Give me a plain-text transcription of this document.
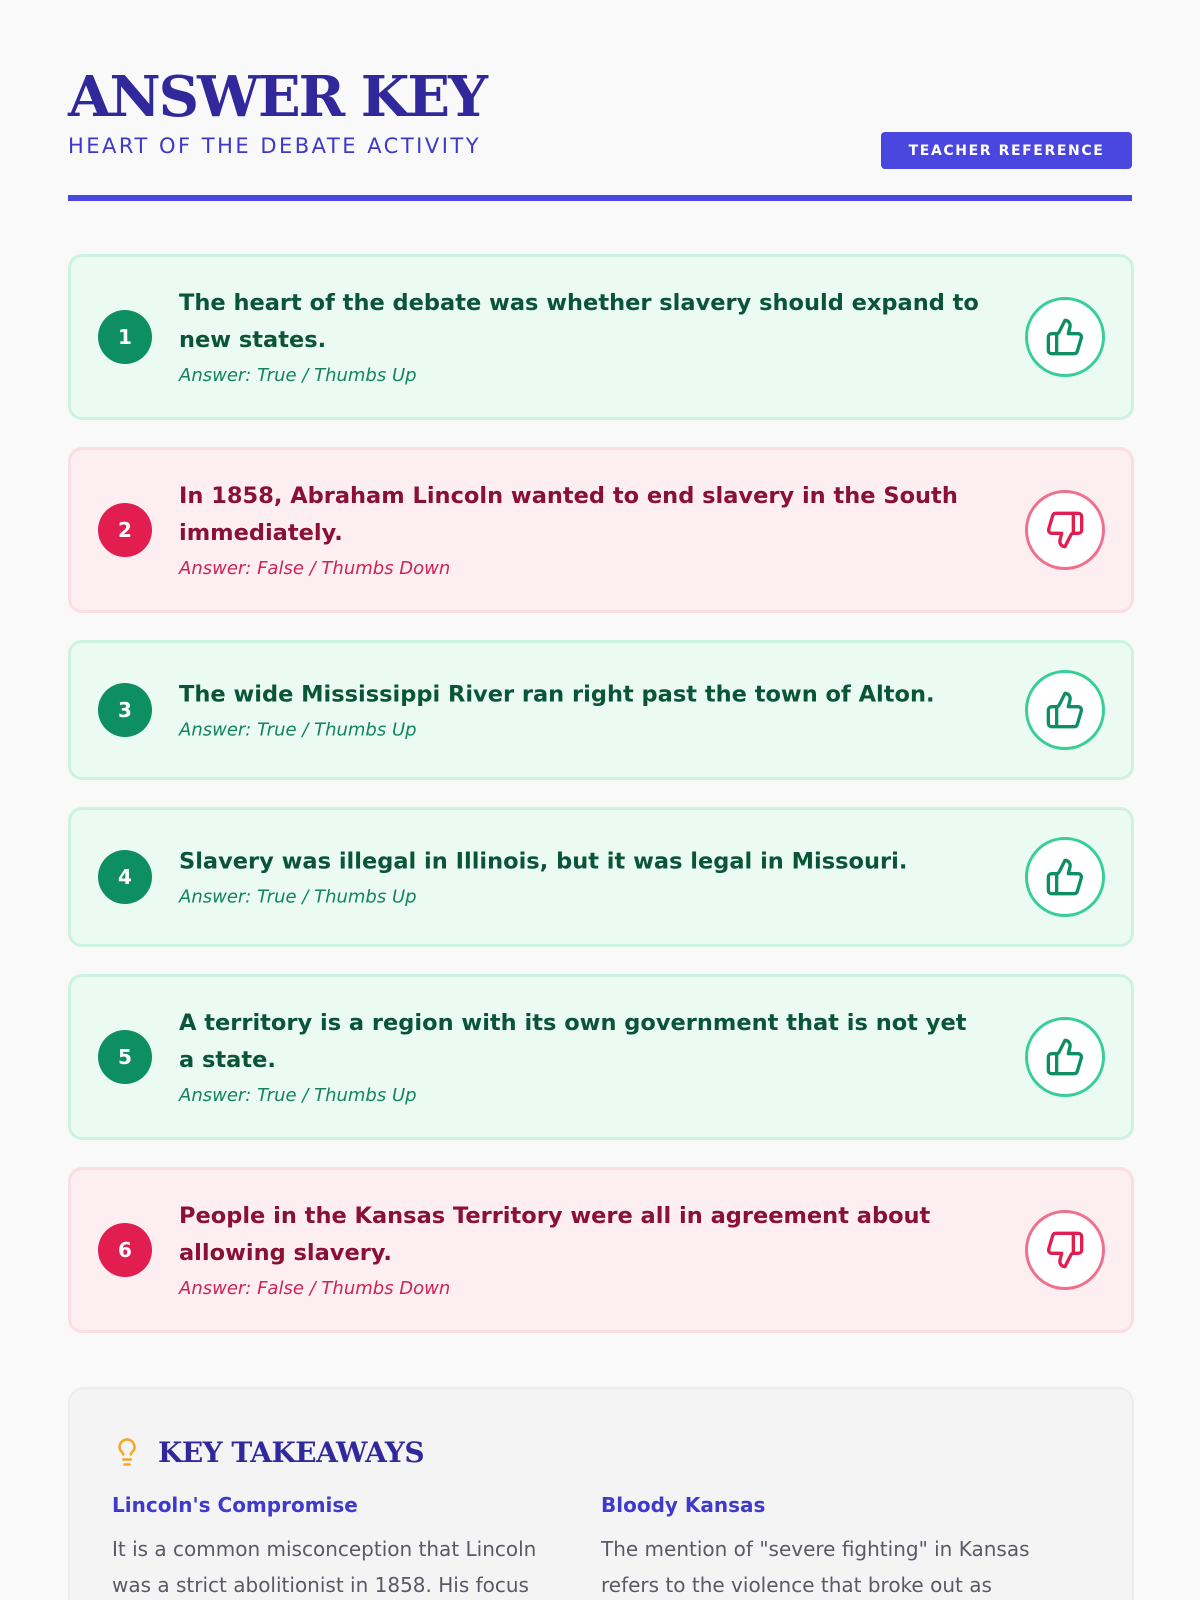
ANSWER KEY
HEART OF THE DEBATE ACTIVITY	TEACHER REFERENCE
1
The heart of the debate was whether slavery should expand to new states.
Answer: True / Thumbs Up
2
In 1858, Abraham Lincoln wanted to end slavery in the South immediately.
Answer: False / Thumbs Down
3
The wide Mississippi River ran right past the town of Alton.
Answer: True / Thumbs Up
4
Slavery was illegal in Illinois, but it was legal in Missouri.
Answer: True / Thumbs Up
5
A territory is a region with its own government that is not yet a state.
Answer: True / Thumbs Up
6
People in the Kansas Territory were all in agreement about allowing slavery.
Answer: False / Thumbs Down
KEY TAKEAWAYS
Lincoln's Compromise
It is a common misconception that Lincoln was a strict abolitionist in 1858. His focus
Bloody Kansas
The mention of "severe fighting" in Kansas refers to the violence that broke out as
